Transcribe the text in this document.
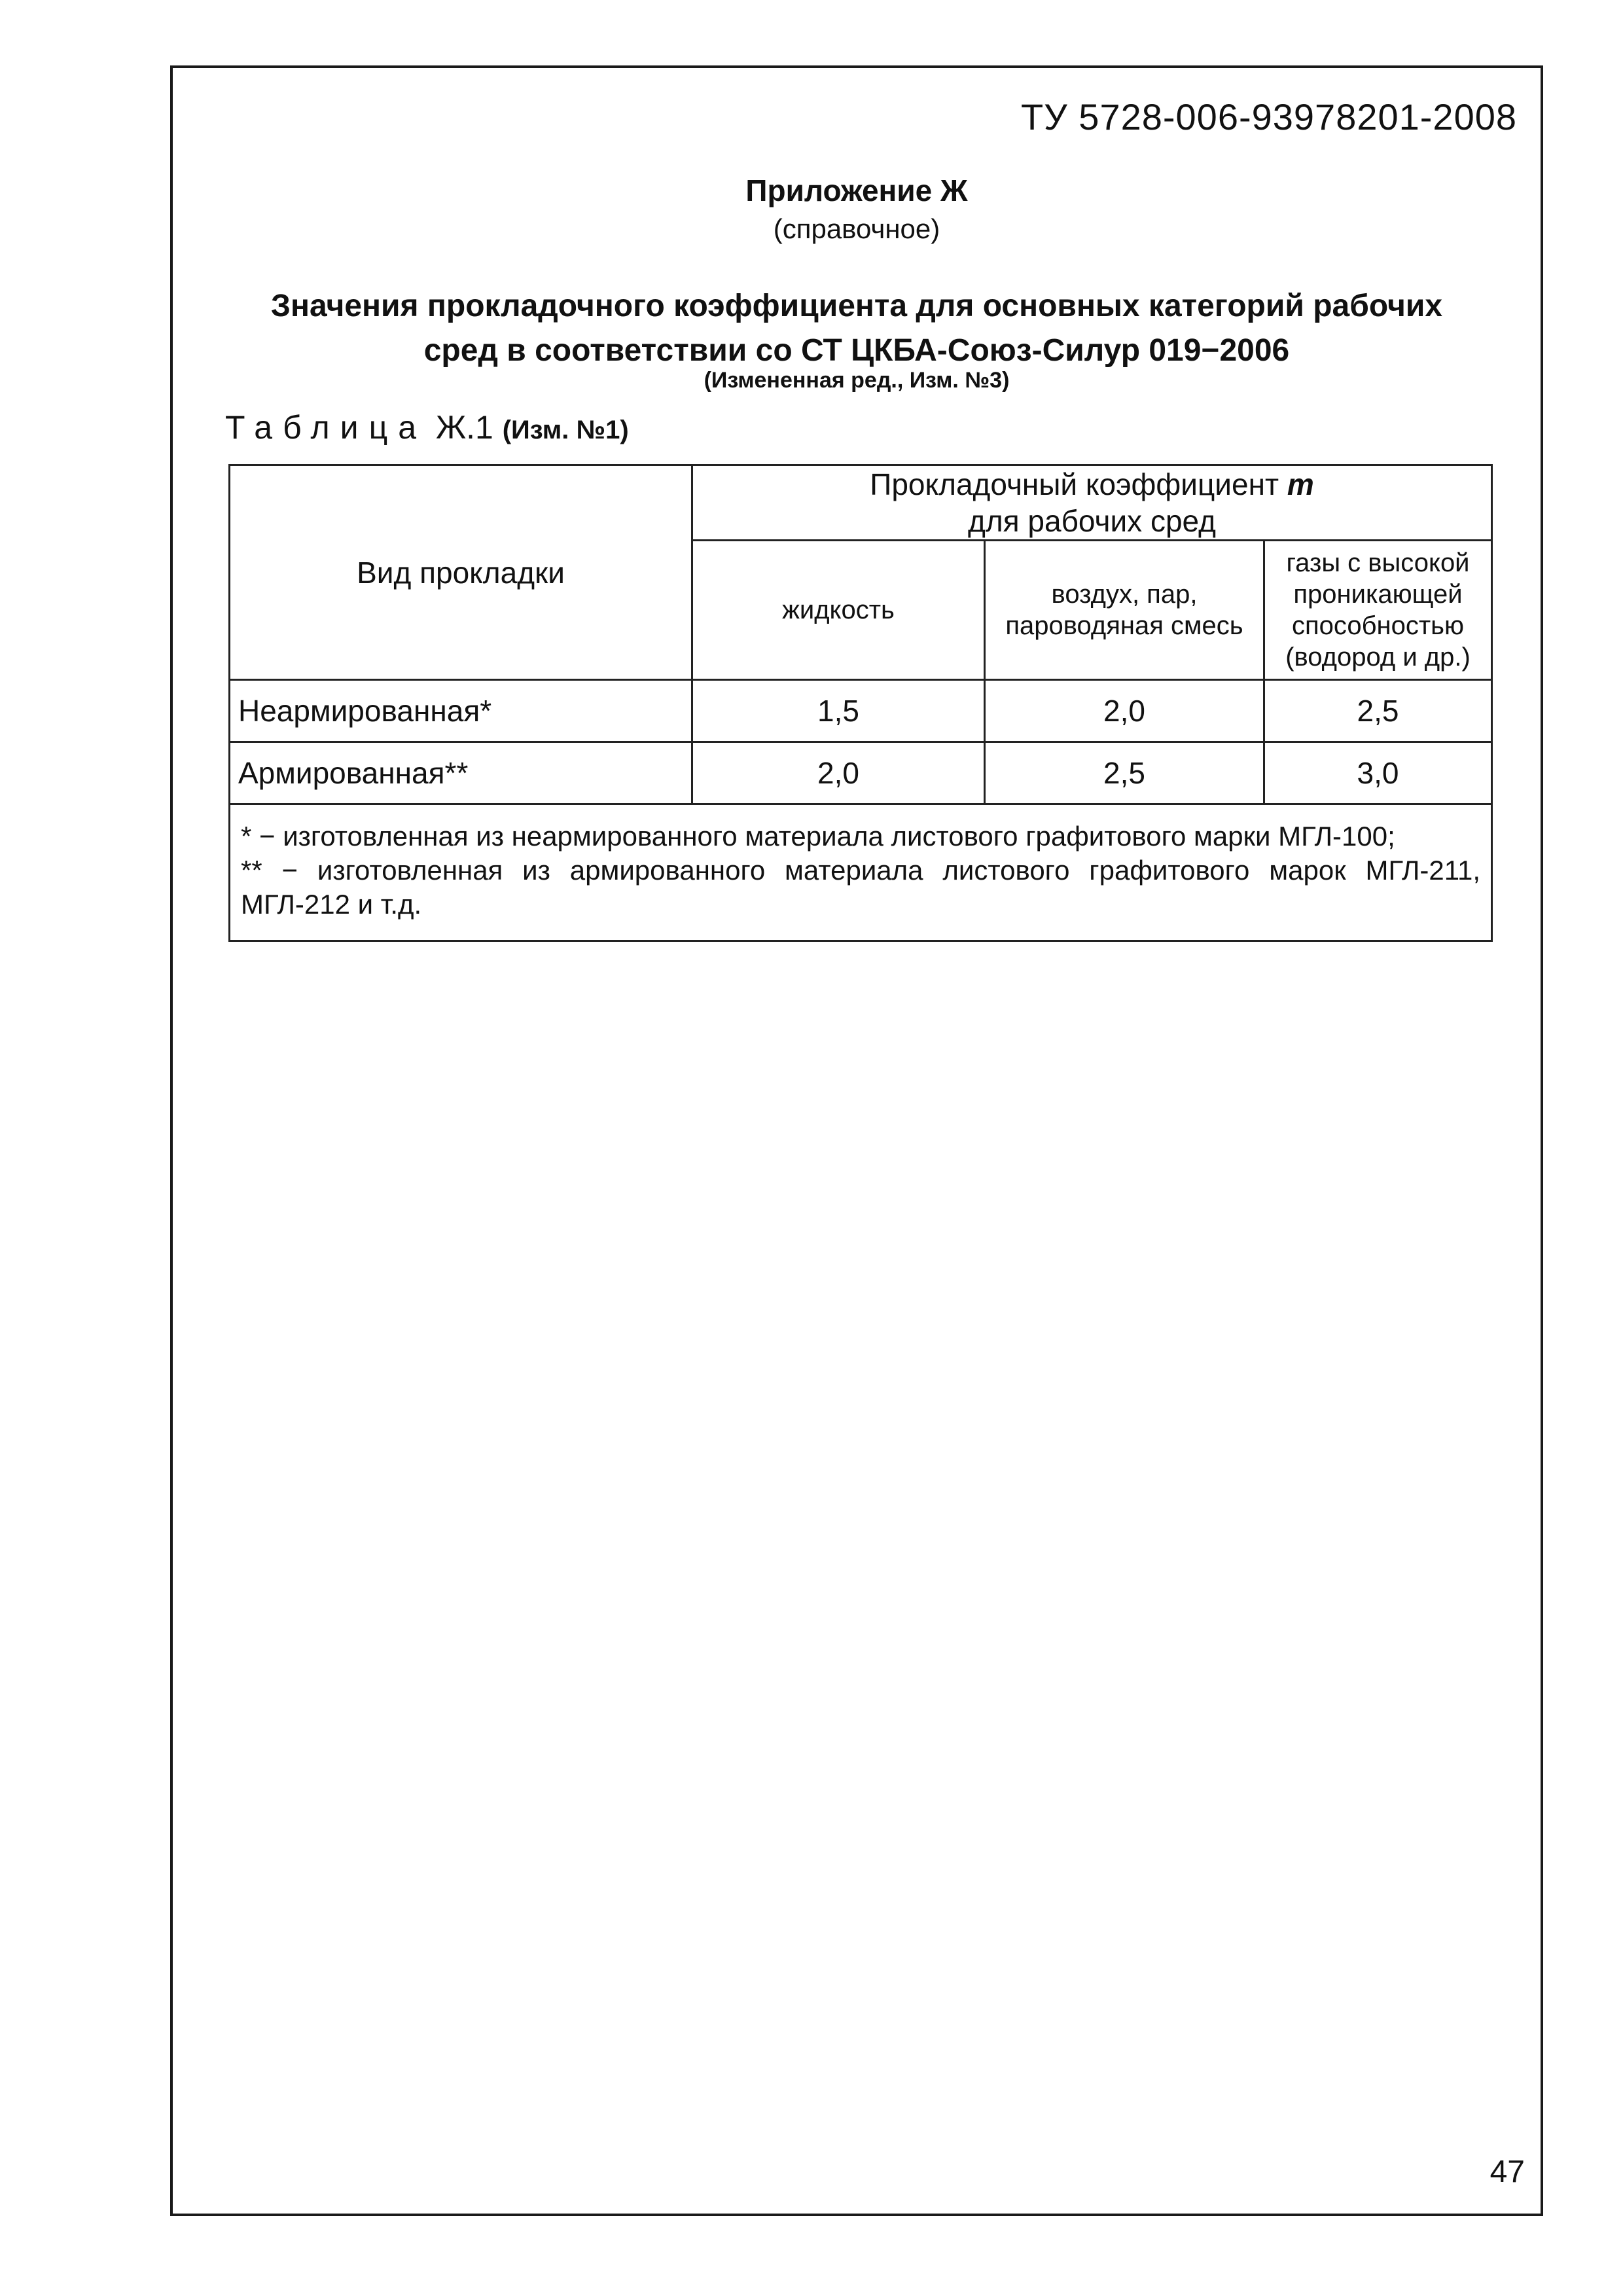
ТУ 5728-006-93978201-2008
Приложение Ж
(справочное)
Значения прокладочного коэффициента для основных категорий рабочих
сред в соответствии со СТ ЦКБА-Союз-Силур 019−2006
(Измененная ред., Изм. №3)
Таблица Ж.1 (Изм. №1)
Вид прокладки	Прокладочный коэффициент m
для рабочих сред		
	жидкость	воздух, пар, пароводяная смесь	газы с высокой проникающей способностью (водород и др.)
Неармированная*	1,5	2,0	2,5
Армированная**	2,0	2,5	3,0

* − изготовленная из неармированного материала листового графитового марки МГЛ-100;

** − изготовленная из армированного материала листового графитового марок МГЛ-211, МГЛ-212 и т.д.			

47
